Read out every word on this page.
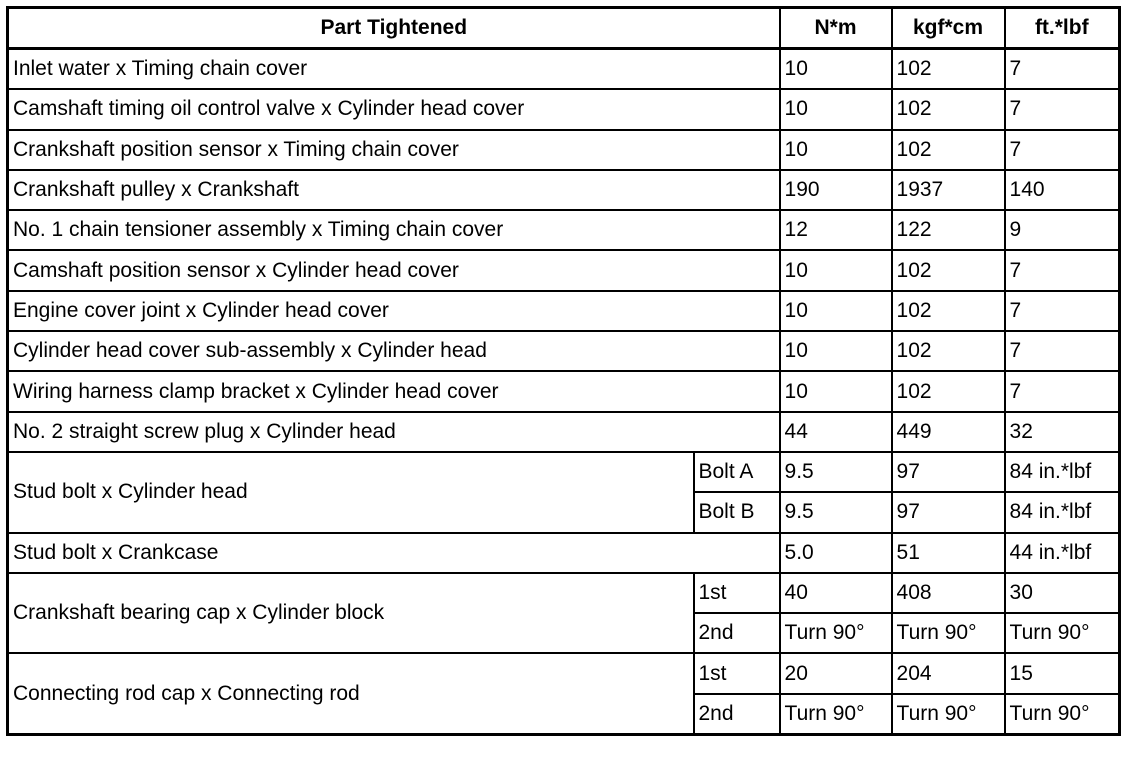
Part Tightened		N*m	kgf*cm	ft.*lbf
Inlet water x Timing chain cover		10	102	7
Camshaft timing oil control valve x Cylinder head cover		10	102	7
Crankshaft position sensor x Timing chain cover		10	102	7
Crankshaft pulley x Crankshaft		190	1937	140
No. 1 chain tensioner assembly x Timing chain cover		12	122	9
Camshaft position sensor x Cylinder head cover		10	102	7
Engine cover joint x Cylinder head cover		10	102	7
Cylinder head cover sub-assembly x Cylinder head		10	102	7
Wiring harness clamp bracket x Cylinder head cover		10	102	7
No. 2 straight screw plug x Cylinder head		44	449	32
Stud bolt x Cylinder head	Bolt A	9.5	97	84 in.*lbf
	Bolt B	9.5	97	84 in.*lbf
Stud bolt x Crankcase		5.0	51	44 in.*lbf
Crankshaft bearing cap x Cylinder block	1st	40	408	30
	2nd	Turn 90°	Turn 90°	Turn 90°
Connecting rod cap x Connecting rod	1st	20	204	15
	2nd	Turn 90°	Turn 90°	Turn 90°
